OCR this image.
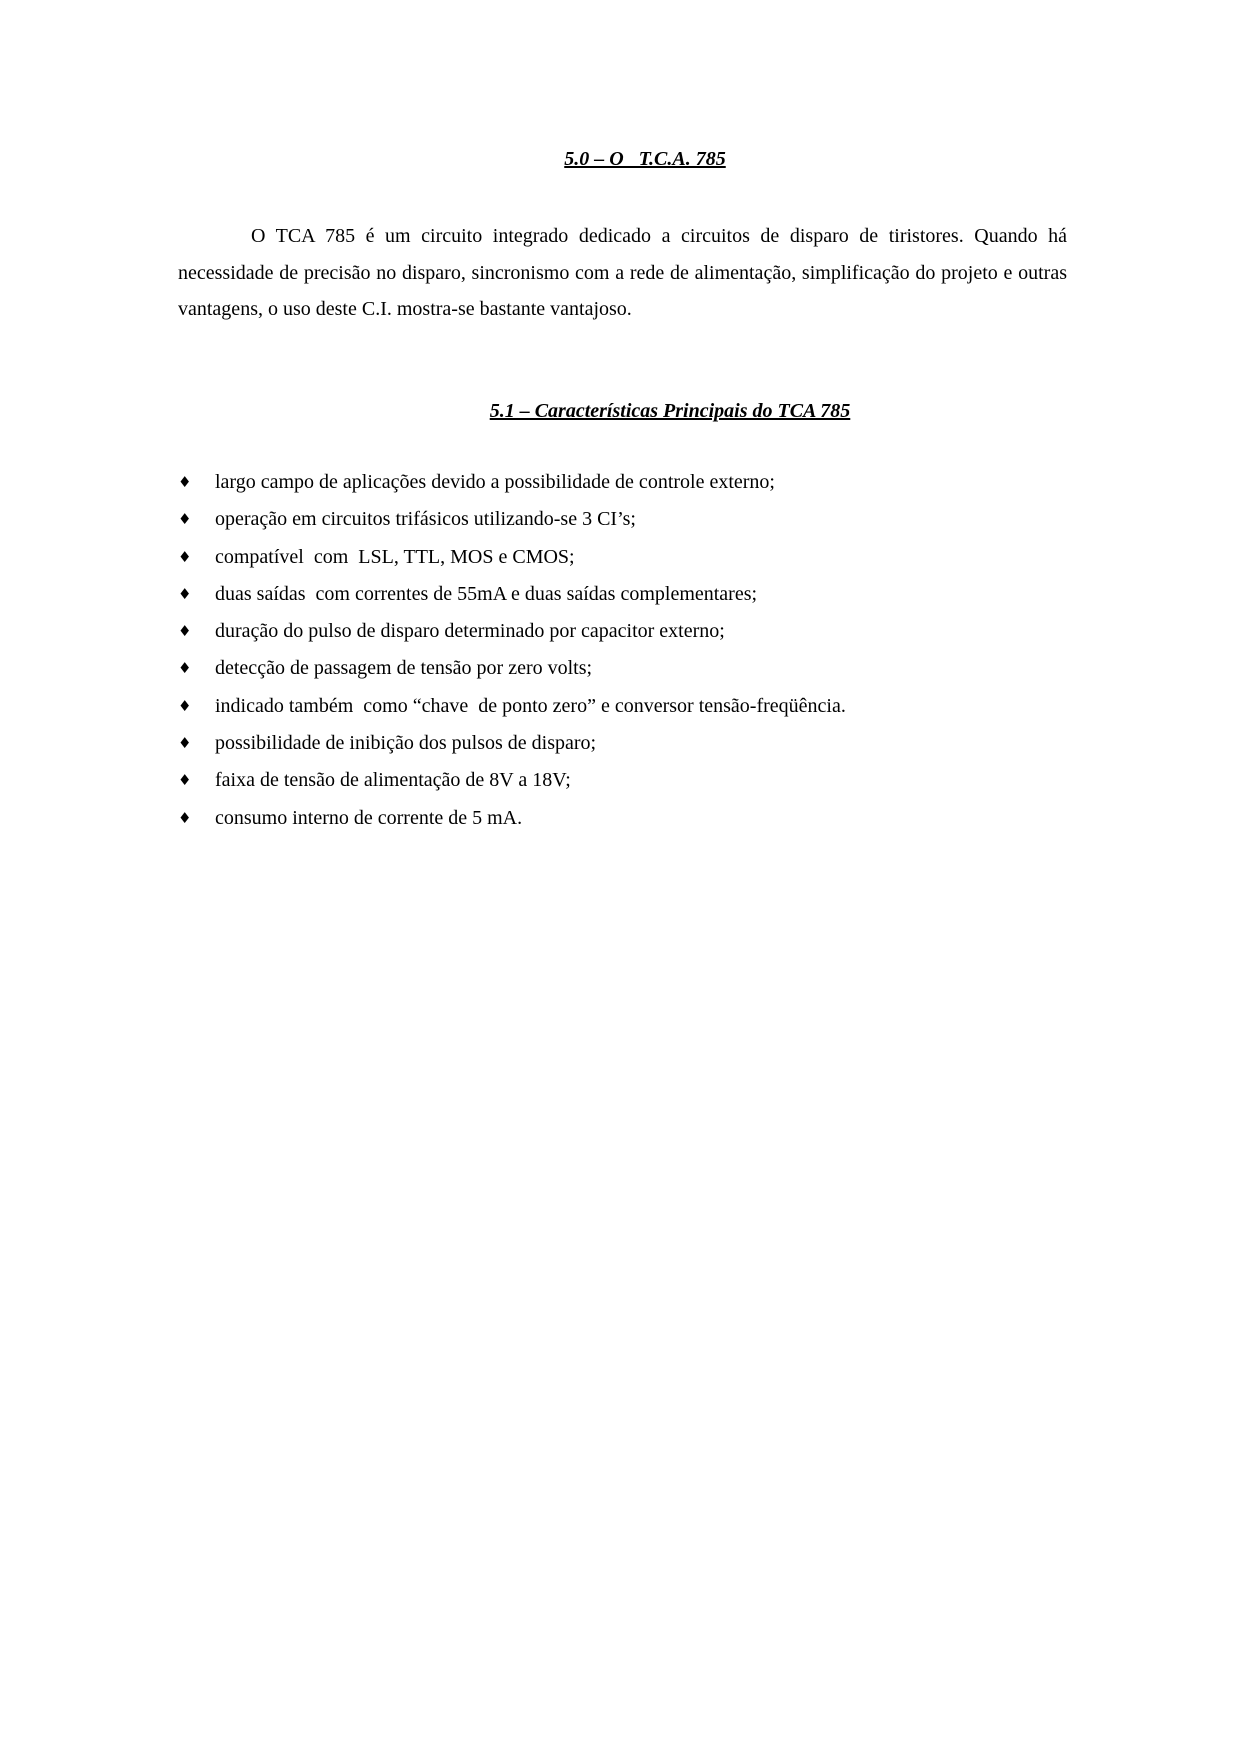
5.0 – O   T.C.A. 785

O TCA 785 é um circuito integrado dedicado a circuitos de disparo de tiristores. Quando há necessidade de precisão no disparo, sincronismo com a rede de alimentação, simplificação do projeto e outras vantagens, o uso deste C.I. mostra-se bastante vantajoso.

5.1 – Características Principais do TCA 785

♦

largo campo de aplicações devido a possibilidade de controle externo;

♦

operação em circuitos trifásicos utilizando-se 3 CI’s;

♦

compatível  com  LSL, TTL, MOS e CMOS;

♦

duas saídas  com correntes de 55mA e duas saídas complementares;

♦

duração do pulso de disparo determinado por capacitor externo;

♦

detecção de passagem de tensão por zero volts;

♦

indicado também  como “chave  de ponto zero” e conversor tensão-freqüência.

♦

possibilidade de inibição dos pulsos de disparo;

♦

faixa de tensão de alimentação de 8V a 18V;

♦

consumo interno de corrente de 5 mA.
